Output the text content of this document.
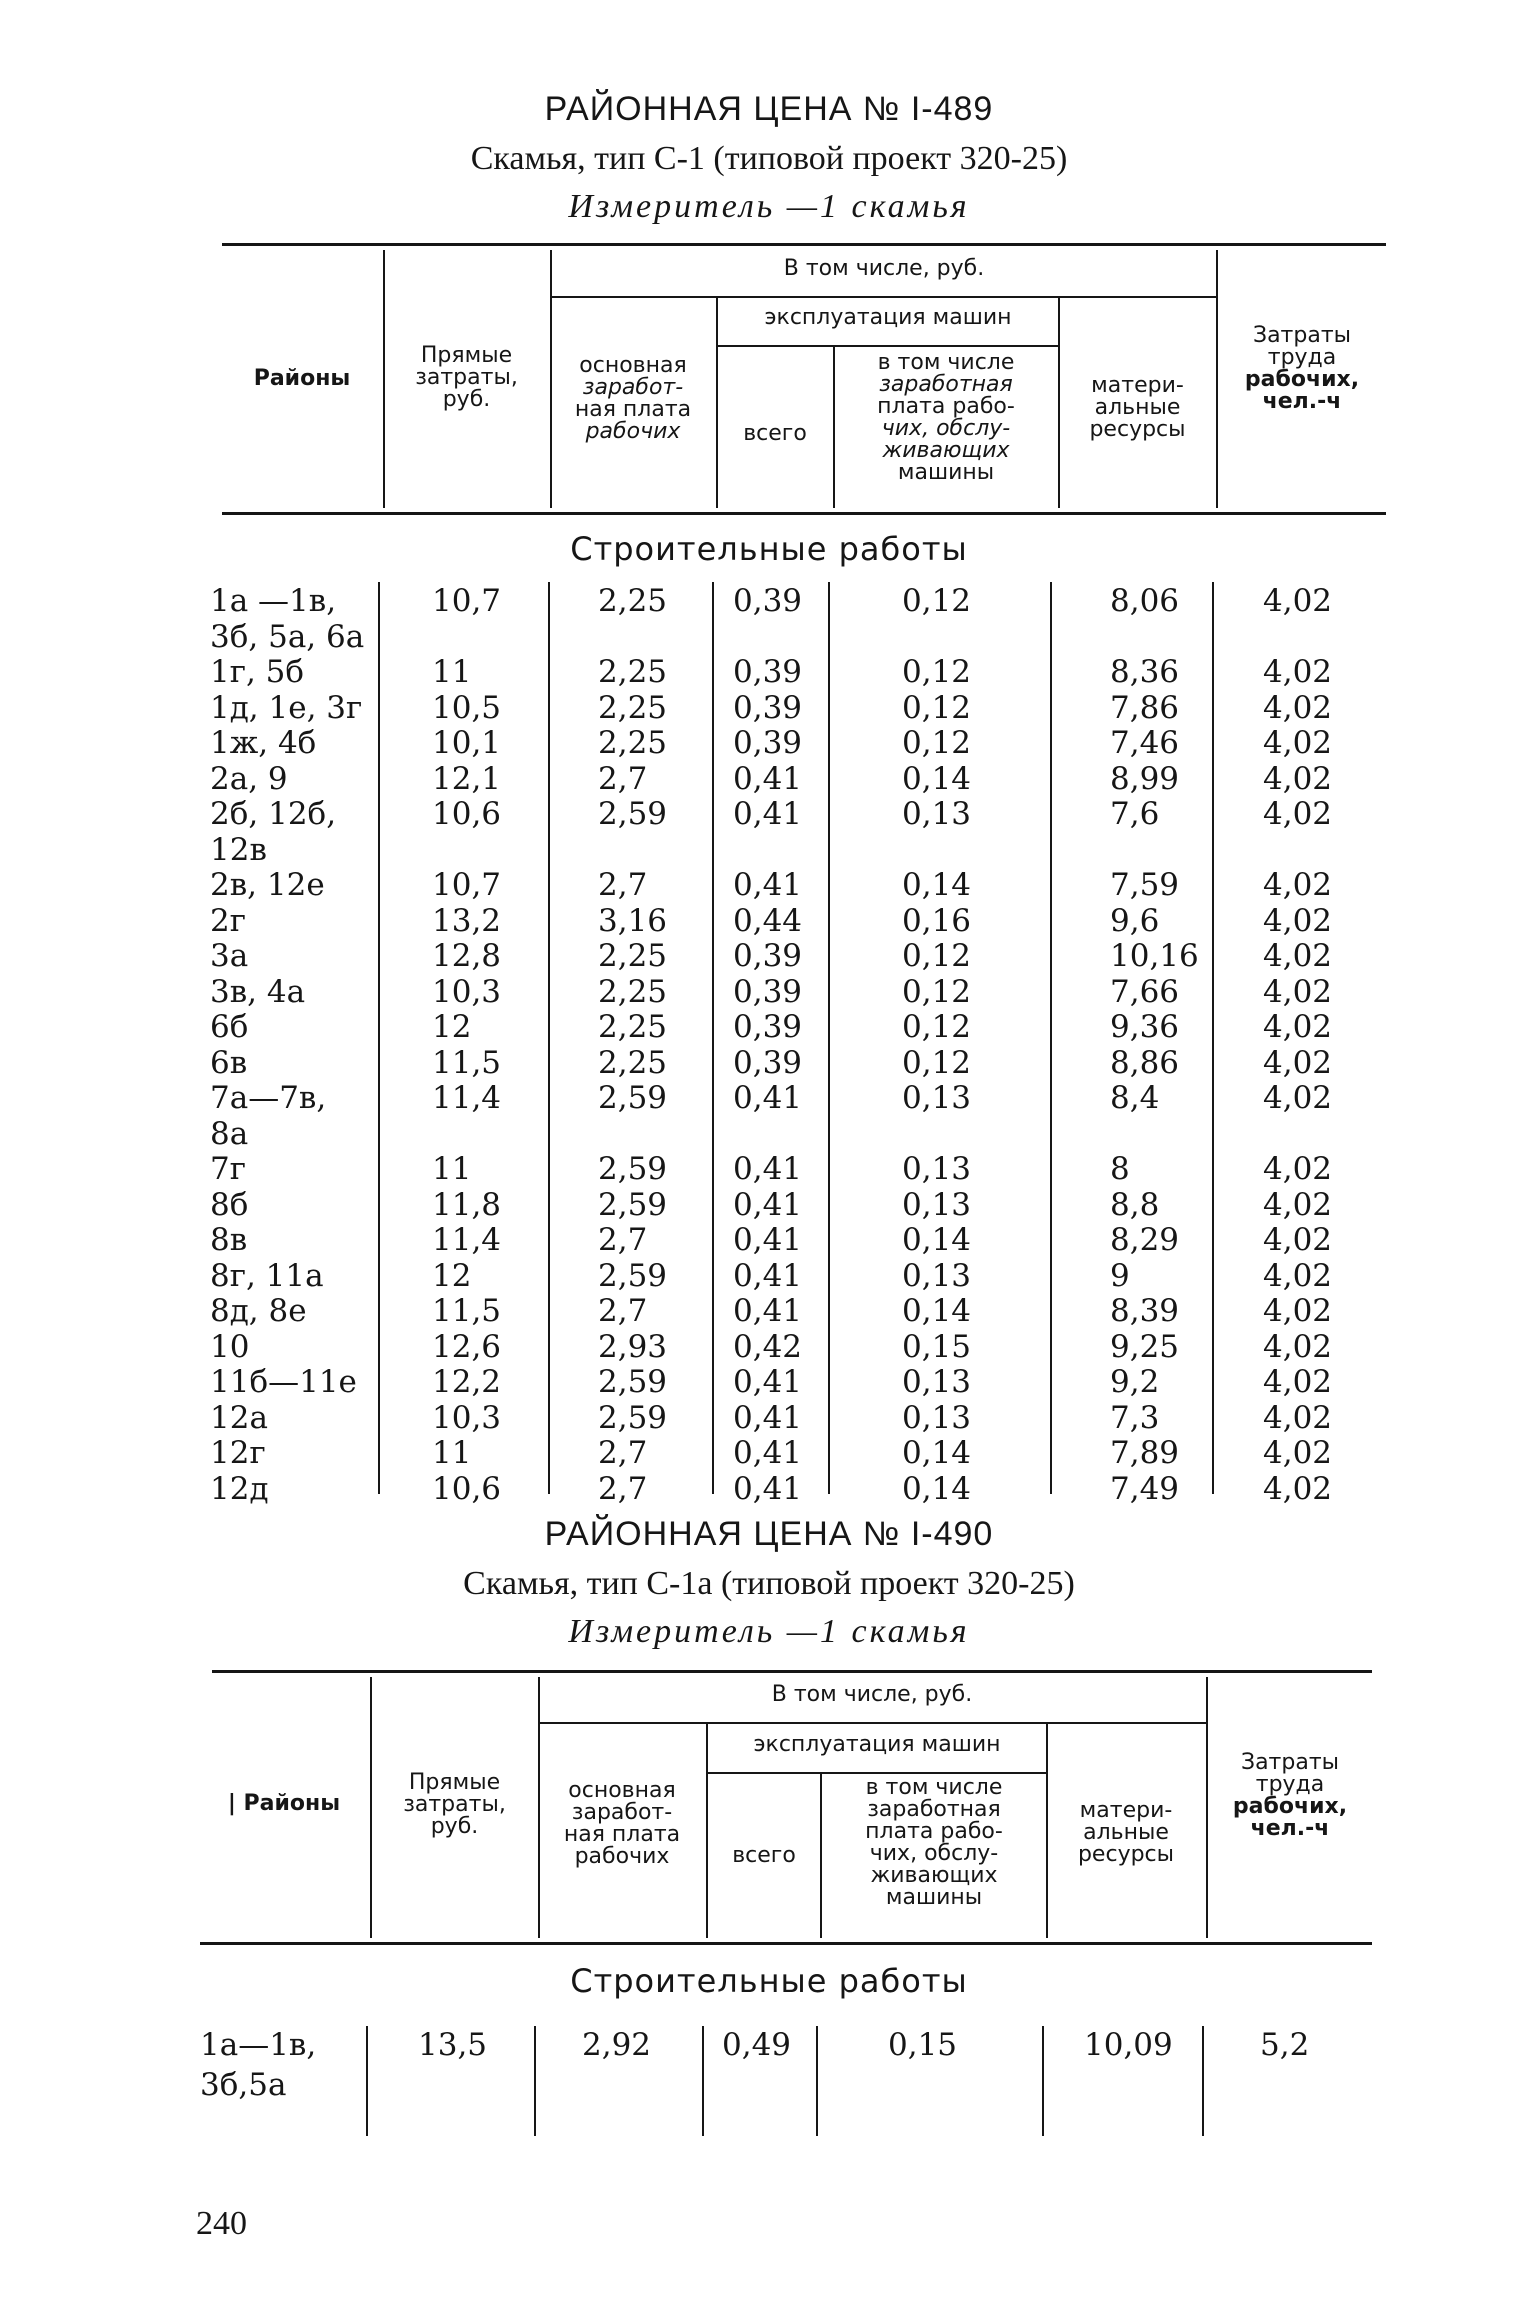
РАЙОННАЯ ЦЕНА № I-489
Скамья, тип С-1 (типовой проект 320-25)
Измеритель —1 скамья
Районы
Прямые
затраты,
руб.
В том числе, руб.
основная
заработ-
ная плата
рабочих
эксплуатация машин
всего
в том числе
заработная
плата рабо-
чих, обслу-
живающих
машины
матери-
альные
ресурсы
Затраты
труда
рабочих,
чел.-ч
Строительные работы
1а —1в,	10,7	2,25 0,39	0,12	8,06	4,02
3б, 5а, 6а
1г, 5б	11	2,25 0,39	0,12	8,36	4,02
1д, 1е, 3г 10,5	2,25 0,39	0,12	7,86	4,02
1ж, 4б	10,1	2,25 0,39	0,12	7,46	4,02
2а, 9	12,1	2,7	0,41	0,14	8,99	4,02
2б, 12б,	10,6	2,59 0,41	0,13	7,6	4,02
12в
2в, 12е	10,7	2,7	0,41	0,14	7,59	4,02
2г	13,2	3,16 0,44	0,16	9,6	4,02
3а	12,8	2,25 0,39	0,12	10,16 4,02
3в, 4а	10,3	2,25 0,39	0,12	7,66	4,02
6б	12	2,25 0,39	0,12	9,36	4,02
6в	11,5	2,25 0,39	0,12	8,86	4,02
7а—7в,	11,4	2,59 0,41	0,13	8,4	4,02
8а
7г	11	2,59 0,41	0,13	8	4,02
8б	11,8	2,59 0,41	0,13	8,8	4,02
8в	11,4	2,7	0,41	0,14	8,29	4,02
8г, 11а	12	2,59 0,41	0,13	9	4,02
8д, 8е	11,5	2,7	0,41	0,14	8,39	4,02
10	12,6	2,93 0,42	0,15	9,25	4,02
11б—11е 12,2	2,59 0,41	0,13	9,2	4,02
12а	10,3	2,59 0,41	0,13	7,3	4,02
12г	11	2,7	0,41	0,14	7,89	4,02
12д	10,6	2,7	0,41	0,14	7,49	4,02
РАЙОННАЯ ЦЕНА № I-490
Скамья, тип С-1а (типовой проект 320-25)
Измеритель —1 скамья
| Районы
Прямые
затраты,
руб.
В том числе, руб.
основная
заработ-
ная плата
рабочих
эксплуатация машин
всего
в том числе
заработная
плата рабо-
чих, обслу-
живающих
машины
матери-
альные
ресурсы
Затраты
труда
рабочих,
чел.-ч
Строительные работы
1а—1в,	13,5	2,92 0,49	0,15	10,09	5,2
3б,5а
240
